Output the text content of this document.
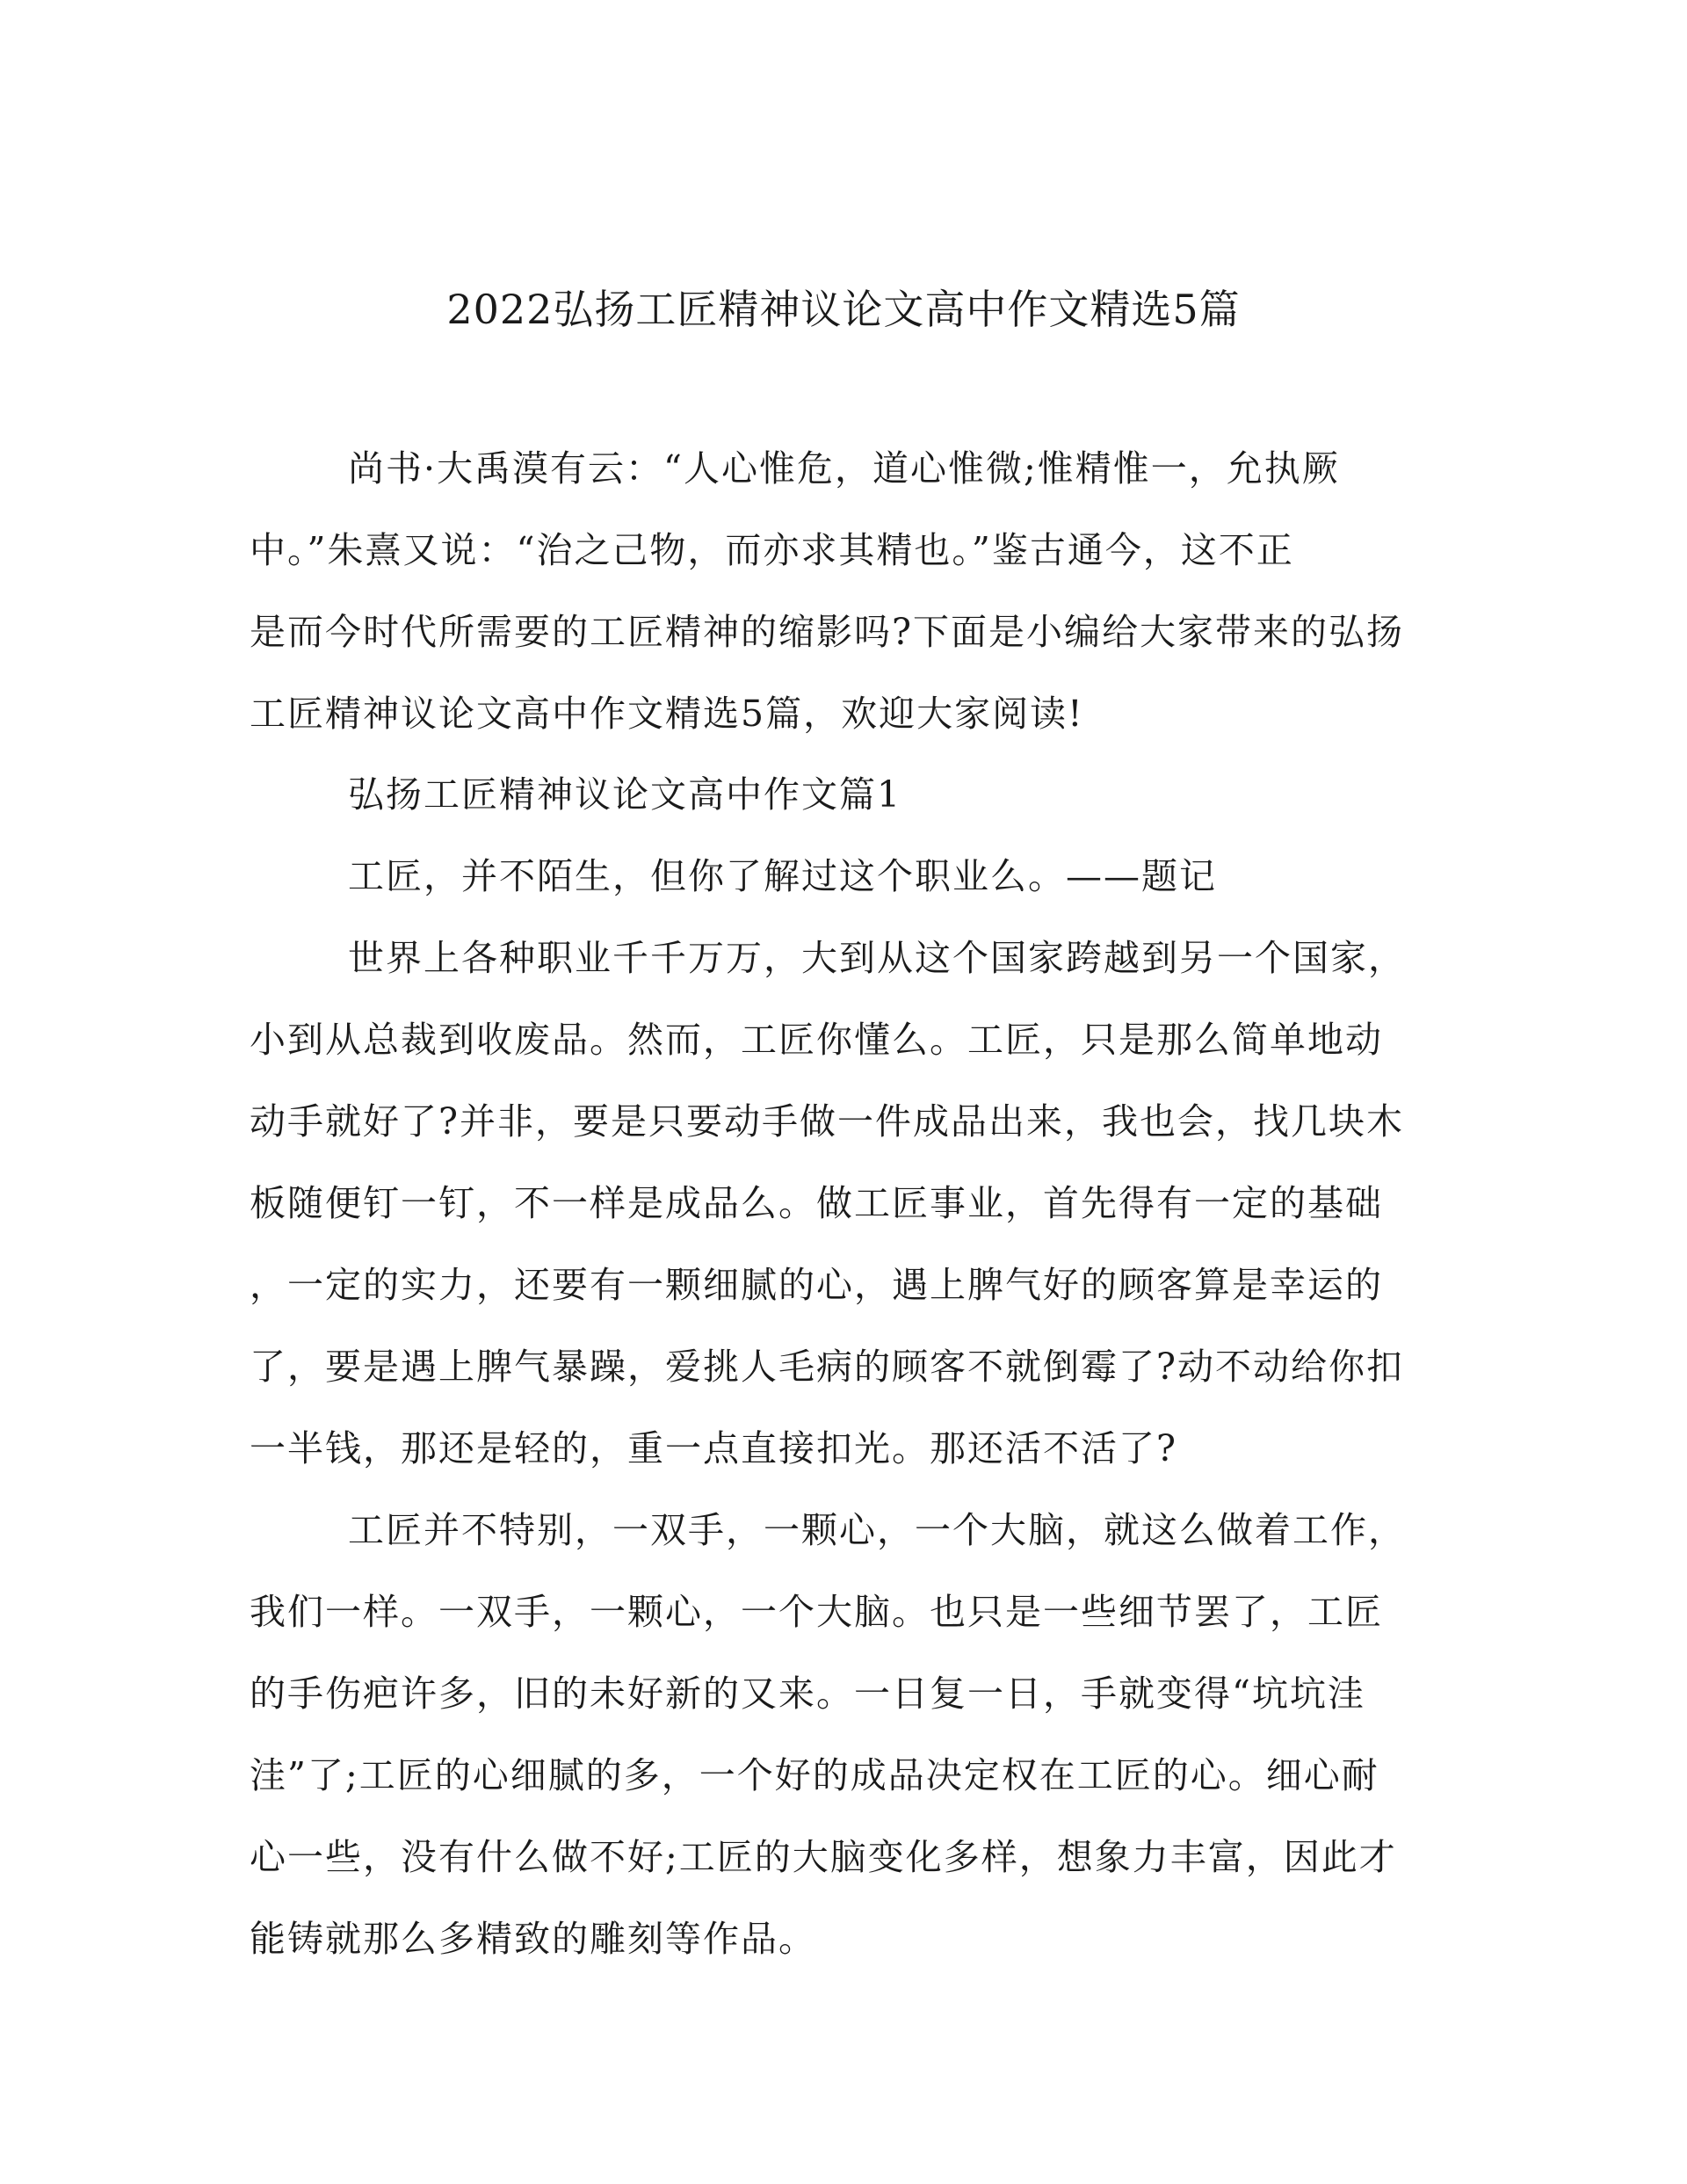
2022弘扬工匠精神议论文高中作文精选5篇
尚书·大禹漠有云：“人心惟危，道心惟微;惟精惟一，允执厥
中。”朱熹又说：“治之己物，而亦求其精也。”鉴古通今，这不正
是而今时代所需要的工匠精神的缩影吗?下面是小编给大家带来的弘扬
工匠精神议论文高中作文精选5篇，欢迎大家阅读!
弘扬工匠精神议论文高中作文篇1
工匠，并不陌生，但你了解过这个职业么。——题记
世界上各种职业千千万万，大到从这个国家跨越到另一个国家，
小到从总裁到收废品。然而，工匠你懂么。工匠，只是那么简单地动
动手就好了?并非，要是只要动手做一件成品出来，我也会，找几块木
板随便钉一钉，不一样是成品么。做工匠事业，首先得有一定的基础
，一定的实力，还要有一颗细腻的心，遇上脾气好的顾客算是幸运的
了，要是遇上脾气暴躁，爱挑人毛病的顾客不就倒霉了?动不动给你扣
一半钱，那还是轻的，重一点直接扣光。那还活不活了?
工匠并不特别，一双手，一颗心，一个大脑，就这么做着工作，
我们一样。一双手，一颗心，一个大脑。也只是一些细节罢了，工匠
的手伤疤许多，旧的未好新的又来。一日复一日，手就变得“坑坑洼
洼”了;工匠的心细腻的多，一个好的成品决定权在工匠的心。细心耐
心一些，没有什么做不好;工匠的大脑变化多样，想象力丰富，因此才
能铸就那么多精致的雕刻等作品。
